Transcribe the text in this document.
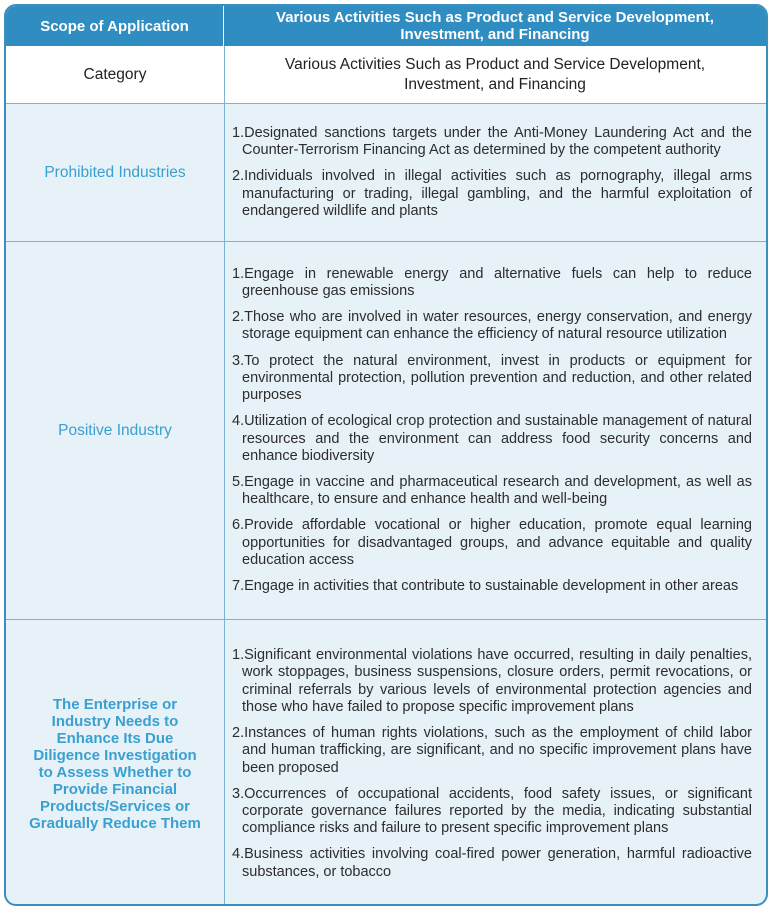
Scope of Application	Various Activities Such as Product and Service Development, Investment, and Financing
Category
Various Activities Such as Product and Service Development, Investment, and Financing
Prohibited Industries

1.Designated sanctions targets under the Anti-Money Laundering Act and the Counter-Terrorism Financing Act as determined by the competent authority

2.Individuals involved in illegal activities such as pornography, illegal arms manufacturing or trading, illegal gambling, and the harmful exploitation of endangered wildlife and plants

Positive Industry

1.Engage in renewable energy and alternative fuels can help to reduce greenhouse gas emissions

2.Those who are involved in water resources, energy conservation, and energy storage equipment can enhance the efficiency of natural resource utilization

3.To protect the natural environment, invest in products or equipment for environmental protection, pollution prevention and reduction, and other related purposes

4.Utilization of ecological crop protection and sustainable management of natural resources and the environment can address food security concerns and enhance biodiversity

5.Engage in vaccine and pharmaceutical research and development, as well as healthcare, to ensure and enhance health and well-being

6.Provide affordable vocational or higher education, promote equal learning opportunities for disadvantaged groups, and advance equitable and quality education access

7.Engage in activities that contribute to sustainable development in other areas

The Enterprise or Industry Needs to Enhance Its Due Diligence Investigation to Assess Whether to Provide Financial Products/Services or Gradually Reduce Them

1.Significant environmental violations have occurred, resulting in daily penalties, work stoppages, business suspensions, closure orders, permit revocations, or criminal referrals by various levels of environmental protection agencies and those who have failed to propose specific improvement plans

2.Instances of human rights violations, such as the employment of child labor and human trafficking, are significant, and no specific improvement plans have been proposed

3.Occurrences of occupational accidents, food safety issues, or significant corporate governance failures reported by the media, indicating substantial compliance risks and failure to present specific improvement plans

4.Business activities involving coal-fired power generation, harmful radioactive substances, or tobacco
